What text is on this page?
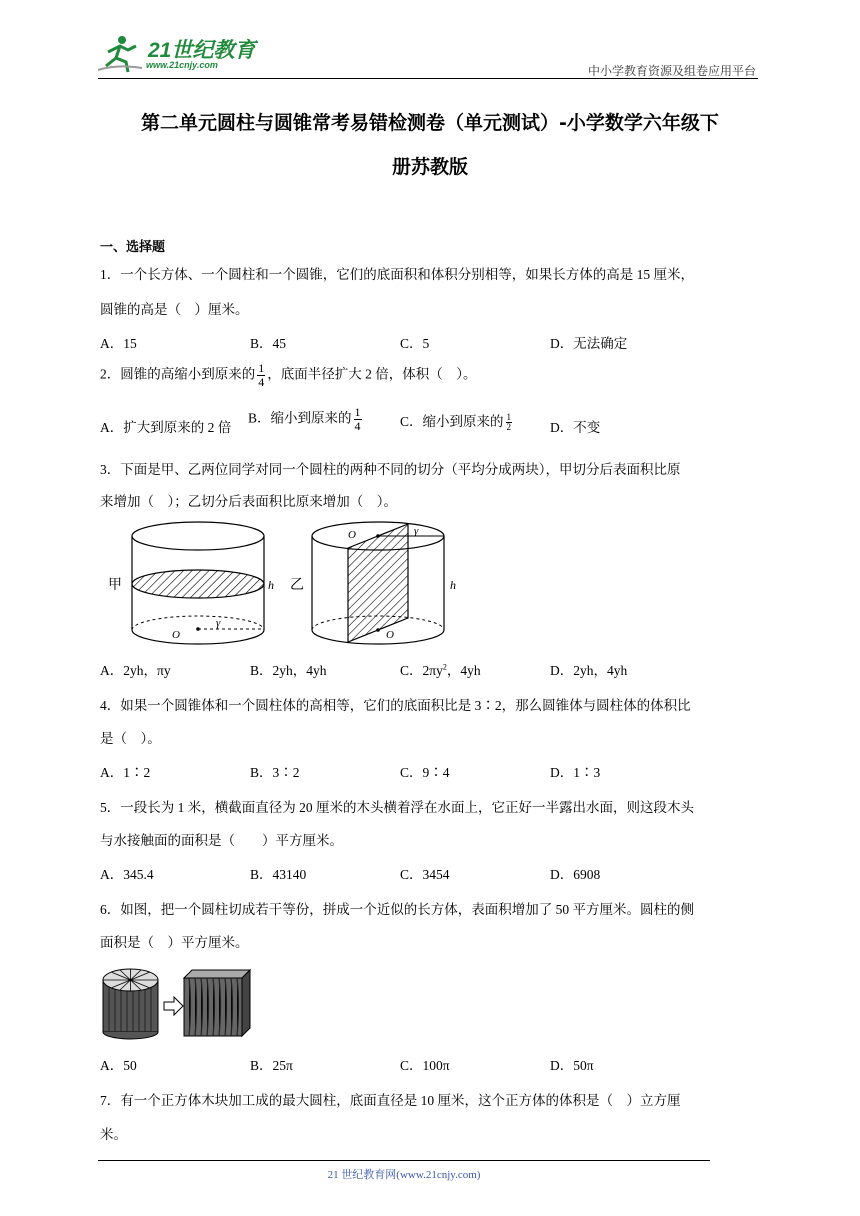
21世纪教育
www.21cnjy.com	中小学教育资源及组卷应用平台
第二单元圆柱与圆锥常考易错检测卷（单元测试）-小学数学六年级下
册苏教版
一、选择题
1．一个长方体、一个圆柱和一个圆锥，它们的底面积和体积分别相等，如果长方体的高是 15 厘米，
圆锥的高是（　）厘米。
A．15	B．45	C．5	D．无法确定
2．圆锥的高缩小到原来的 $\frac{1}{4}$ ，底面半径扩大 2 倍，体积（　）。
A．扩大到原来的 2 倍
B．缩小到原来的 $\frac{1}{4}$	C．缩小到原来的 $\frac{1}{2}$	D．不变
3．下面是甲、乙两位同学对同一个圆柱的两种不同的切分（平均分成两块），甲切分后表面积比原
来增加（　）；乙切分后表面积比原来增加（　）。
甲	h
O
γ
乙	h
O
O
γ
A．2yh，πy	B．2yh，4yh	C．$2\pi y^2$，4yh	D．2yh，4yh
4．如果一个圆锥体和一个圆柱体的高相等，它们的底面积比是 3∶2，那么圆锥体与圆柱体的体积比
是（　）。
A．1∶2	B．3∶2	C．9∶4	D．1∶3
5．一段长为 1 米，横截面直径为 20 厘米的木头横着浮在水面上，它正好一半露出水面，则这段木头
与水接触面的面积是（　　）平方厘米。
A．345.4	B．43140	C．3454	D．6908
6．如图，把一个圆柱切成若干等份，拼成一个近似的长方体，表面积增加了 50 平方厘米。圆柱的侧
面积是（　）平方厘米。
A．50	B．25π	C．100π	D．50π
7．有一个正方体木块加工成的最大圆柱，底面直径是 10 厘米，这个正方体的体积是（　）立方厘
米。
21 世纪教育网(www.21cnjy.com)
